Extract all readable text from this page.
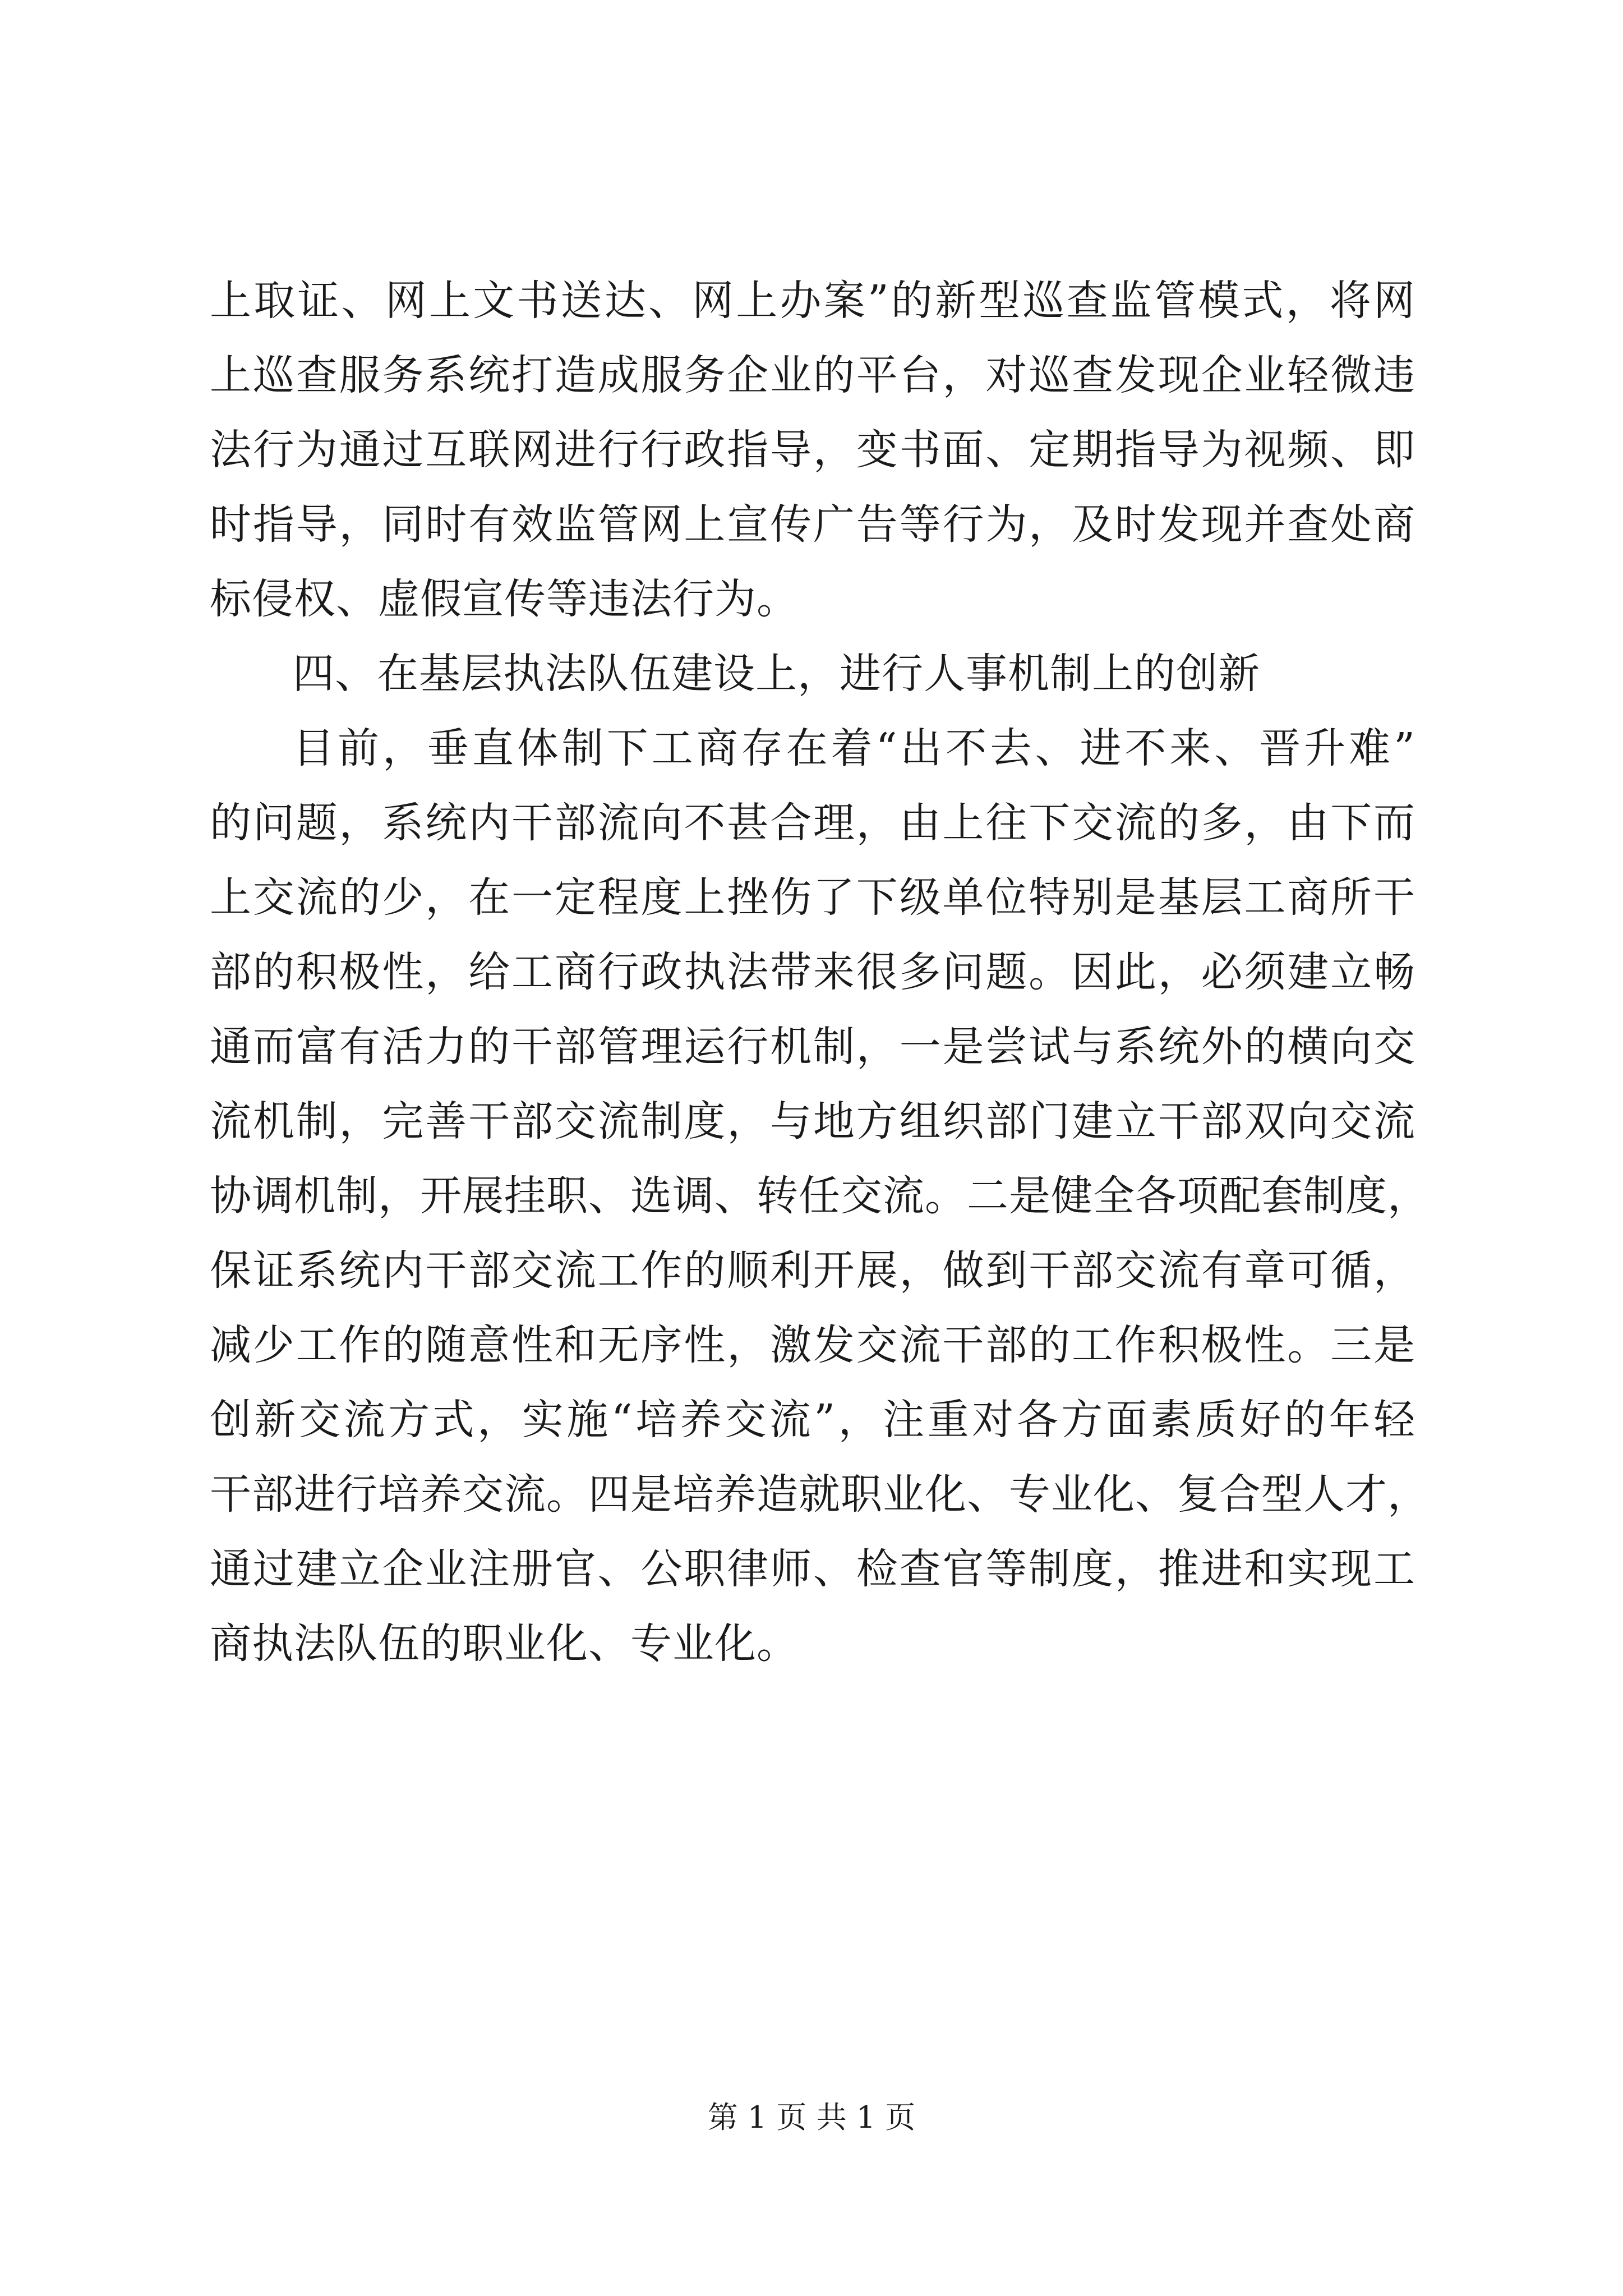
上取证、网上文书送达、网上办案”的新型巡查监管模式，将网
上巡查服务系统打造成服务企业的平台，对巡查发现企业轻微违
法行为通过互联网进行行政指导，变书面、定期指导为视频、即
时指导，同时有效监管网上宣传广告等行为，及时发现并查处商
标侵权、虚假宣传等违法行为。
四、在基层执法队伍建设上，进行人事机制上的创新
目前，垂直体制下工商存在着“出不去、进不来、晋升难”
的问题，系统内干部流向不甚合理，由上往下交流的多，由下而
上交流的少，在一定程度上挫伤了下级单位特别是基层工商所干
部的积极性，给工商行政执法带来很多问题。因此，必须建立畅
通而富有活力的干部管理运行机制，一是尝试与系统外的横向交
流机制，完善干部交流制度，与地方组织部门建立干部双向交流
协调机制，开展挂职、选调、转任交流。二是健全各项配套制度，
保证系统内干部交流工作的顺利开展，做到干部交流有章可循，
减少工作的随意性和无序性，激发交流干部的工作积极性。三是
创新交流方式，实施“培养交流”，注重对各方面素质好的年轻
干部进行培养交流。四是培养造就职业化、专业化、复合型人才，
通过建立企业注册官、公职律师、检查官等制度，推进和实现工
商执法队伍的职业化、专业化。
第 1 页 共 1 页
